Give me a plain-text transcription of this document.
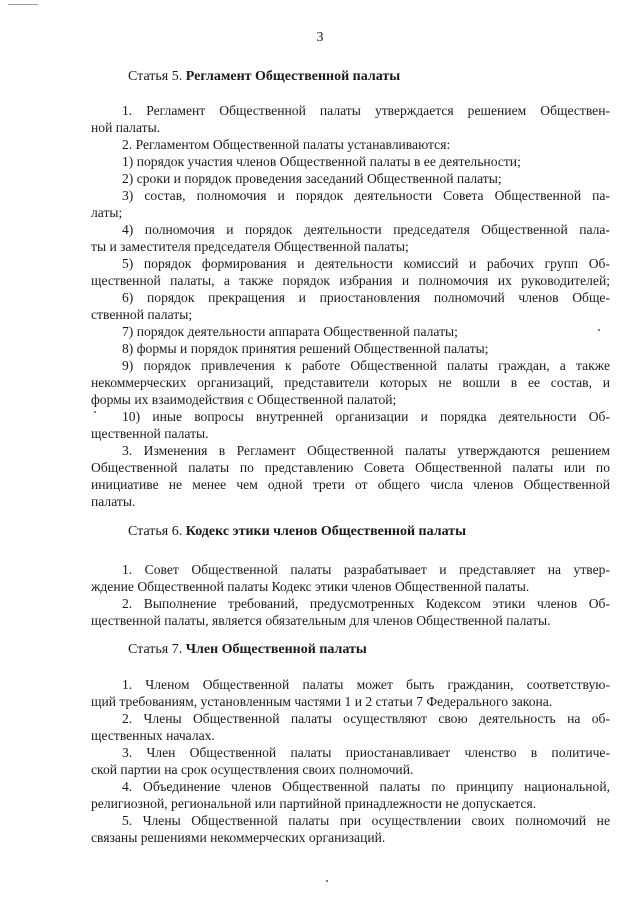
3
Статья 5. Регламент Общественной палаты

1. Регламент Общественной палаты утверждается решением Обществен-

ной палаты.

2. Регламентом Общественной палаты устанавливаются:

1) порядок участия членов Общественной палаты в ее деятельности;

2) сроки и порядок проведения заседаний Общественной палаты;

3) состав, полномочия и порядок деятельности Совета Общественной па-

латы;

4) полномочия и порядок деятельности председателя Общественной пала-

ты и заместителя председателя Общественной палаты;

5) порядок формирования и деятельности комиссий и рабочих групп Об-

щественной палаты, а также порядок избрания и полномочия их руководителей;

6) порядок прекращения и приостановления полномочий членов Обще-

ственной палаты;

7) порядок деятельности аппарата Общественной палаты;

8) формы и порядок принятия решений Общественной палаты;

9) порядок привлечения к работе Общественной палаты граждан, а также

некоммерческих организаций, представители которых не вошли в ее состав, и

формы их взаимодействия с Общественной палатой;

10) иные вопросы внутренней организации и порядка деятельности Об-

щественной палаты.

3. Изменения в Регламент Общественной палаты утверждаются решением

Общественной палаты по представлению Совета Общественной палаты или по

инициативе не менее чем одной трети от общего числа членов Общественной

палаты.

Статья 6. Кодекс этики членов Общественной палаты

1. Совет Общественной палаты разрабатывает и представляет на утвер-

ждение Общественной палаты Кодекс этики членов Общественной палаты.

2. Выполнение требований, предусмотренных Кодексом этики членов Об-

щественной палаты, является обязательным для членов Общественной палаты.

Статья 7. Член Общественной палаты

1. Членом Общественной палаты может быть гражданин, соответствую-

щий требованиям, установленным частями 1 и 2 статьи 7 Федерального закона.

2. Члены Общественной палаты осуществляют свою деятельность на об-

щественных началах.

3. Член Общественной палаты приостанавливает членство в политиче-

ской партии на срок осуществления своих полномочий.

4. Объединение членов Общественной палаты по принципу национальной,

религиозной, региональной или партийной принадлежности не допускается.

5. Члены Общественной палаты при осуществлении своих полномочий не

связаны решениями некоммерческих организаций.
